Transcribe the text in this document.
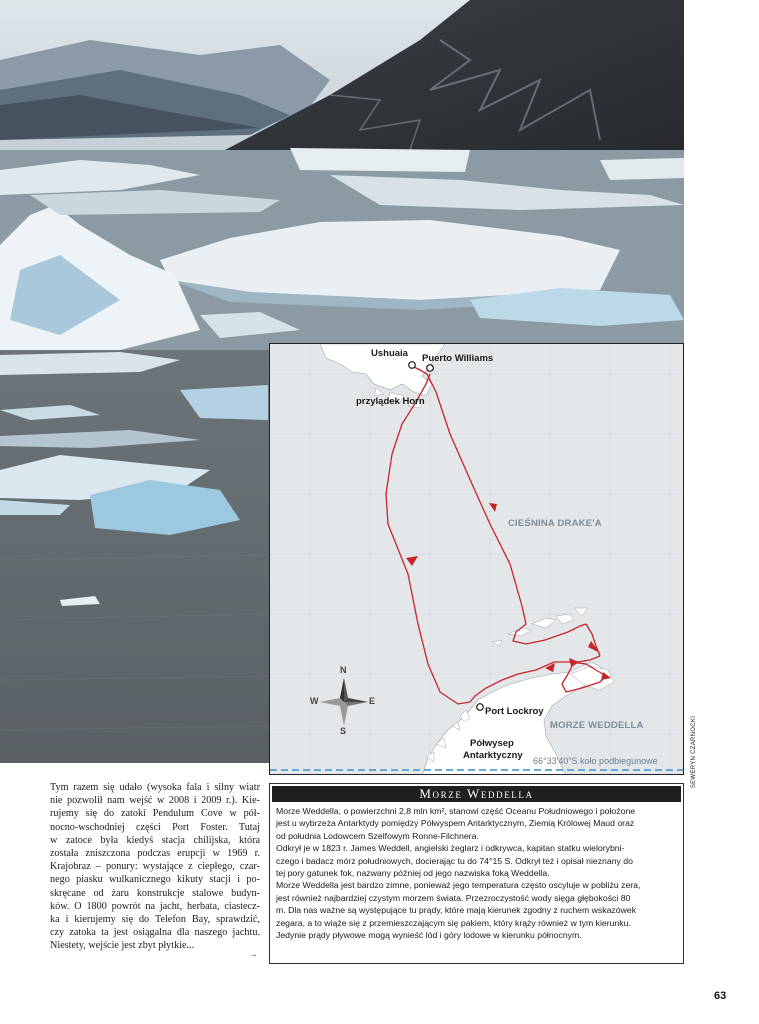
Ushuaia Puerto Williams
przylądek Horn
CIEŚNINA DRAKE'A
Port Lockroy
MORZE WEDDELLA
Półwysep
Antarktyczny 66°33'40"S koło podbiegunowe
N
S
E
W
SEWERYN CZARNOCKI
Tym razem się udało (wysoka fala i silny wiatr
nie pozwolił nam wejść w 2008 i 2009 r.). Kie-
rujemy się do zatoki Pendulum Cove w pół-
nocno-wschodniej części Port Foster. Tutaj
w zatoce była kiedyś stacja chilijska, która
została zniszczona podczas erupcji w 1969 r.
Krajobraz – ponury: wystające z ciepłego, czar-
nego piasku wulkanicznego kikuty stacji i po-
skręcane od żaru konstrukcje stalowe budyn-
ków. O 1800 powrót na jacht, herbata, ciastecz-
ka i kierujemy się do Telefon Bay, sprawdzić,
czy zatoka ta jest osiągalna dla naszego jachtu.
Niestety, wejście jest zbyt płytkie...
→
Morze Weddella
Morze Weddella, o powierzchni 2,8 mln km², stanowi część Oceanu Południowego i położone
jest u wybrzeża Antarktydy pomiędzy Półwyspem Antarktycznym, Ziemią Królowej Maud oraz
od południa Lodowcem Szelfowym Ronne-Filchnera.
Odkrył je w 1823 r. James Weddell, angielski żeglarz i odkrywca, kapitan statku wielorybni-
czego i badacz mórz południowych, docierając tu do 74°15 S. Odkrył też i opisał nieznany do
tej pory gatunek fok, nazwany później od jego nazwiska foką Weddella.
Morze Weddella jest bardzo zimne, ponieważ jego temperatura często oscyluje w pobliżu zera,
jest również najbardziej czystym morzem świata. Przezroczystość wody sięga głębokości 80
m. Dla nas ważne są występujące tu prądy, które mają kierunek zgodny z ruchem wskazówek
zegara, a to wiąże się z przemieszczającym się pakiem, który krąży również w tym kierunku.
Jedynie prądy pływowe mogą wynieść lód i góry lodowe w kierunku północnym.
63
